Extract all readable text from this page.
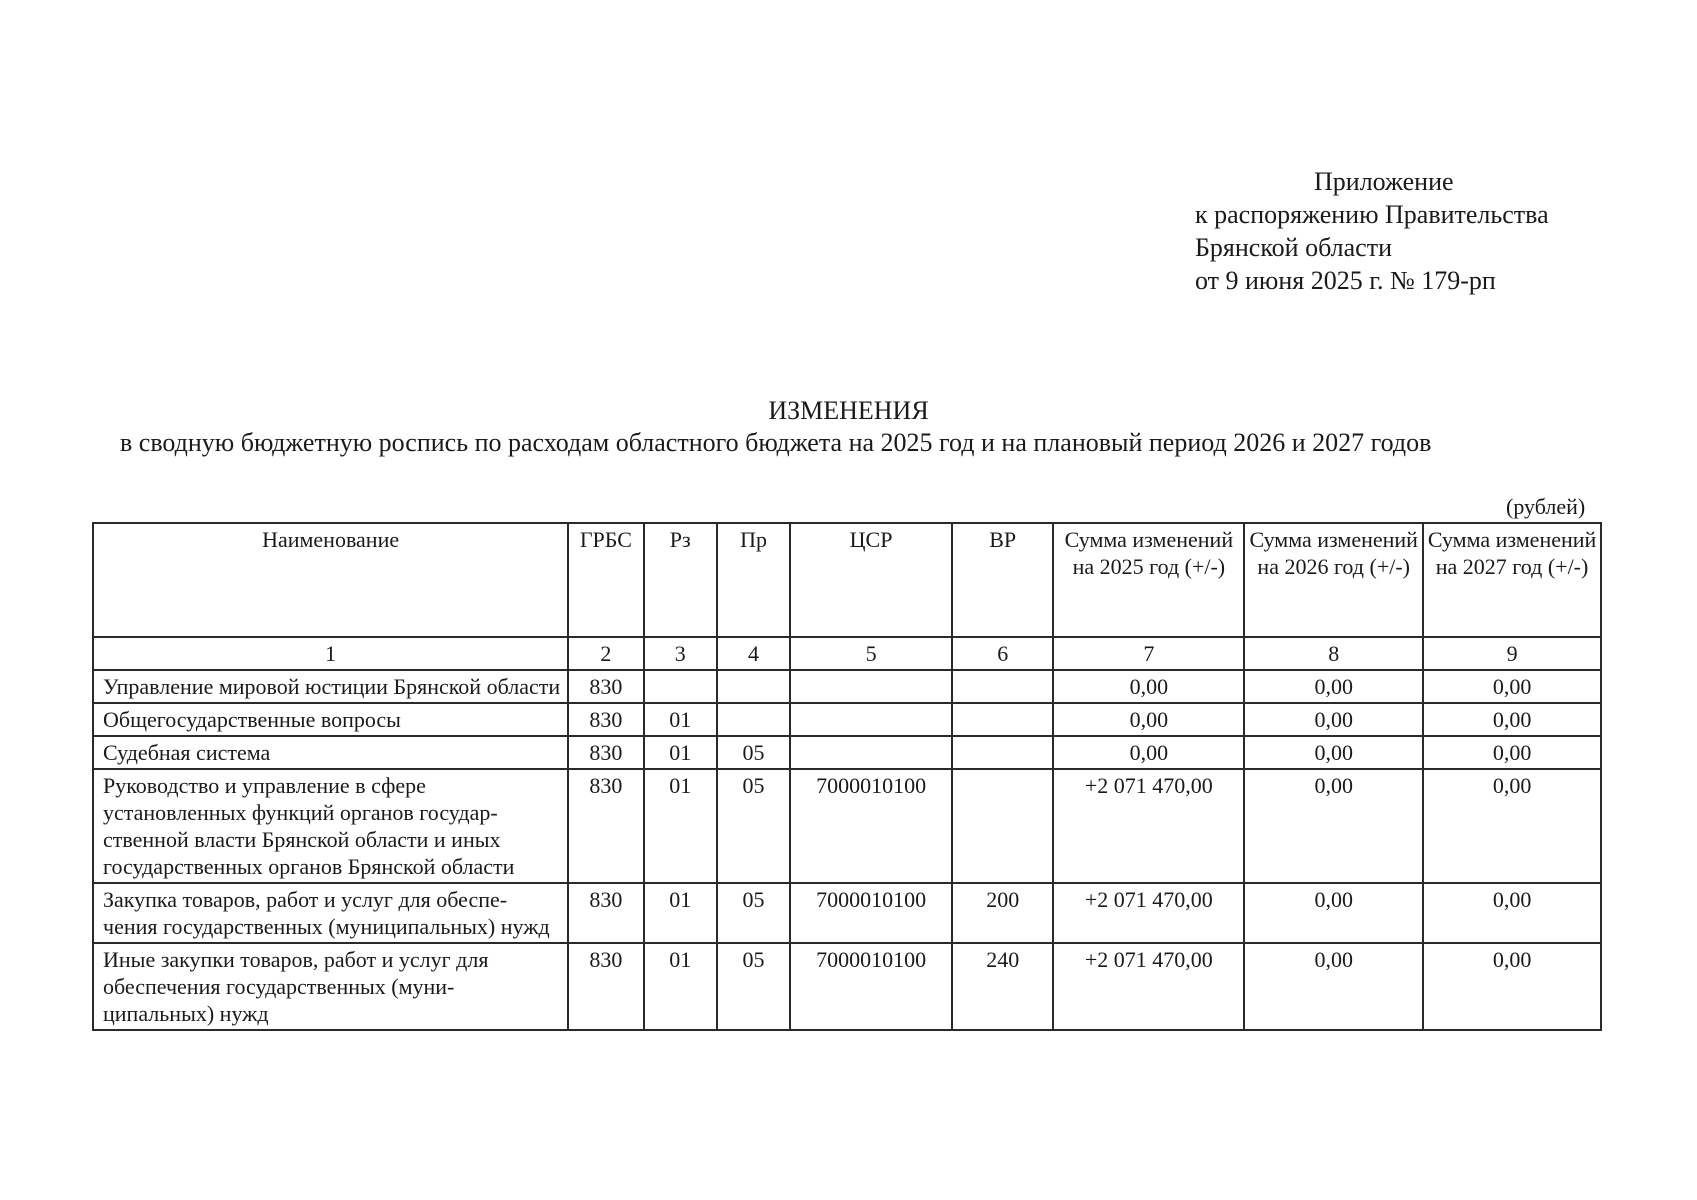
Приложение
к распоряжению Правительства
Брянской области
от 9 июня 2025 г. № 179-рп
ИЗМЕНЕНИЯ
в сводную бюджетную роспись по расходам областного бюджета на 2025 год и на плановый период 2026 и 2027 годов
(рублей)
Наименование	ГРБС	Рз	Пр	ЦСР	ВР	Сумма изменений на 2025 год (+/-)	Сумма изменений на 2026 год (+/-)	Сумма изменений на 2027 год (+/-)
1	2	3	4	5	6	7	8	9
Управление мировой юстиции Брянской области	830					0,00	0,00	0,00
Общегосударственные вопросы	830	01				0,00	0,00	0,00
Судебная система	830	01	05			0,00	0,00	0,00
Руководство и управление в сфере установленных функций органов государ-ственной власти Брянской области и иных государственных органов Брянской области	830	01	05	7000010100		+2 071 470,00	0,00	0,00
Закупка товаров, работ и услуг для обеспе-чения государственных (муниципальных) нужд	830	01	05	7000010100	200	+2 071 470,00	0,00	0,00
Иные закупки товаров, работ и услуг для обеспечения государственных (муни-ципальных) нужд	830	01	05	7000010100	240	+2 071 470,00	0,00	0,00
